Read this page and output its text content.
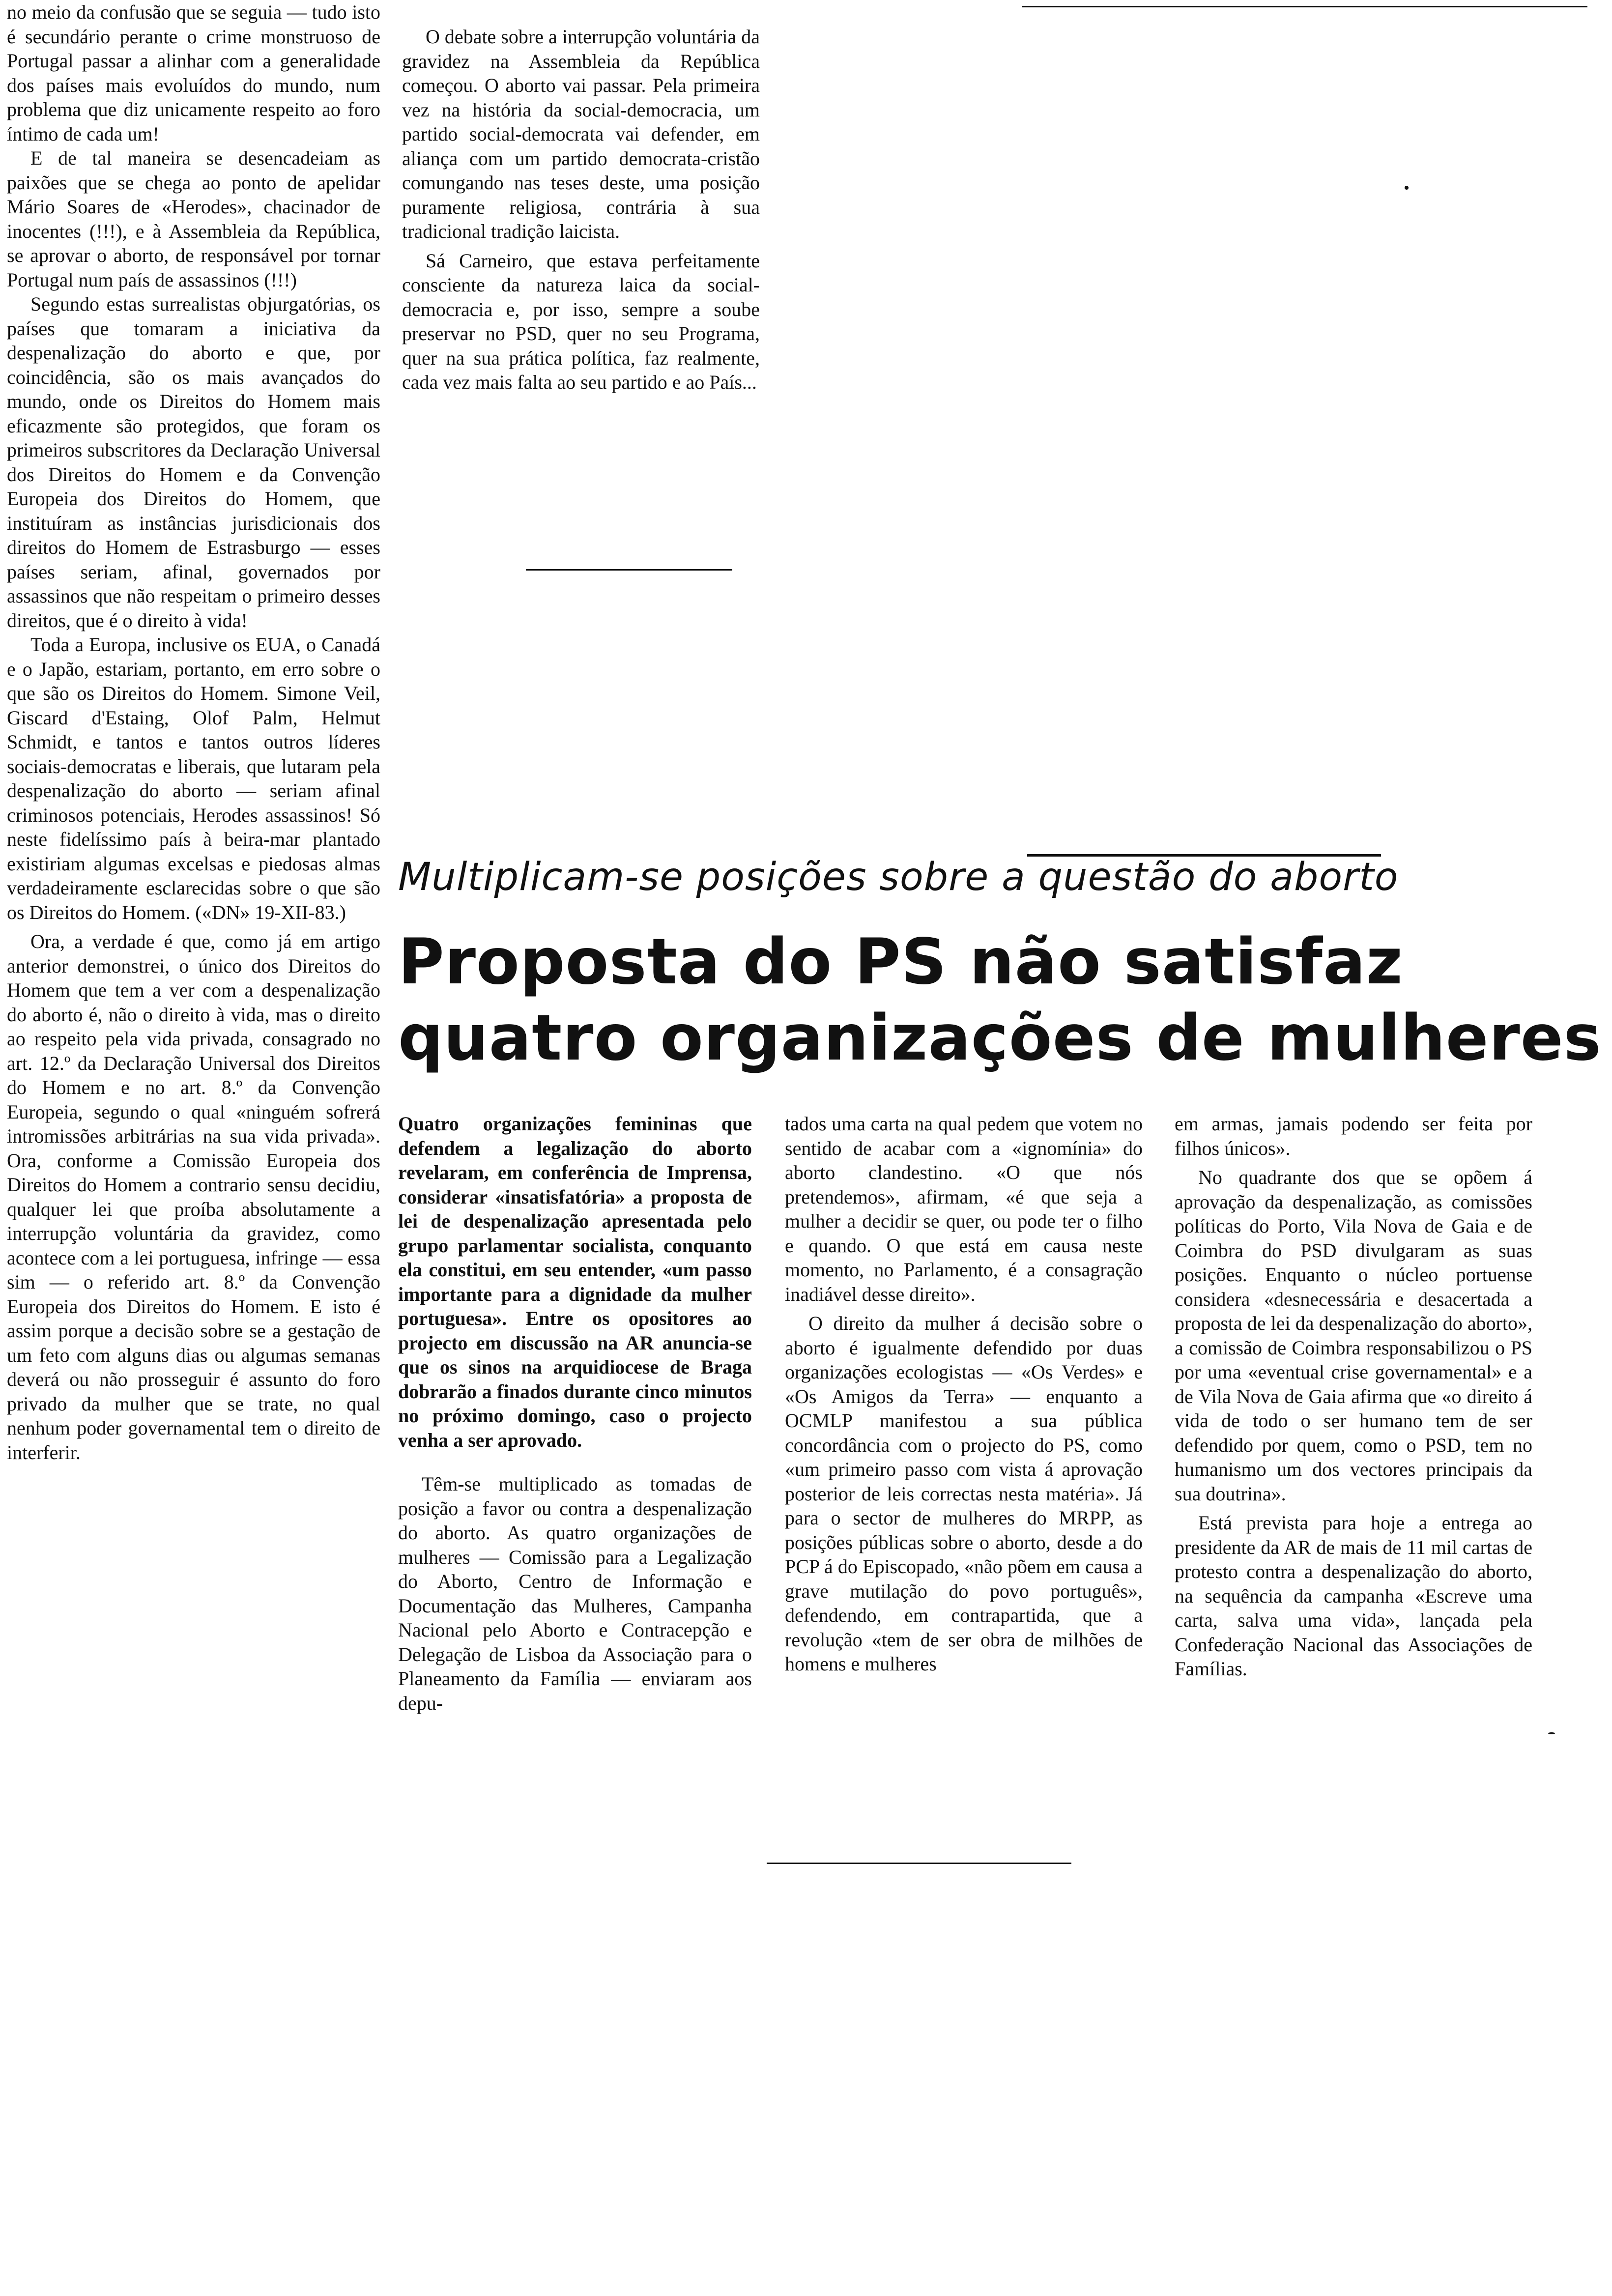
no meio da confusão que se seguia — tudo isto é secundário perante o crime monstruoso de Portugal passar a alinhar com a generalidade dos países mais evoluídos do mundo, num problema que diz unicamente respeito ao foro íntimo de cada um!

E de tal maneira se desencadeiam as paixões que se chega ao ponto de apelidar Mário Soares de «Herodes», chacinador de inocentes (!!!), e à Assembleia da República, se aprovar o aborto, de responsável por tornar Portugal num país de assassinos (!!!)

Segundo estas surrealistas objurgatórias, os países que tomaram a iniciativa da despenalização do aborto e que, por coincidência, são os mais avançados do mundo, onde os Direitos do Homem mais eficazmente são protegidos, que foram os primeiros subscritores da Declaração Universal dos Direitos do Homem e da Convenção Europeia dos Direitos do Homem, que instituíram as instâncias jurisdicionais dos direitos do Homem de Estrasburgo — esses países seriam, afinal, governados por assassinos que não respeitam o primeiro desses direitos, que é o direito à vida!

Toda a Europa, inclusive os EUA, o Canadá e o Japão, estariam, portanto, em erro sobre o que são os Direitos do Homem. Simone Veil, Giscard d'Estaing, Olof Palm, Helmut Schmidt, e tantos e tantos outros líderes sociais-democratas e liberais, que lutaram pela despenalização do aborto — seriam afinal criminosos potenciais, Herodes assassinos! Só neste fidelíssimo país à beira-mar plantado existiriam algumas excelsas e piedosas almas verdadeiramente esclarecidas sobre o que são os Direitos do Homem. («DN» 19-XII-83.)

Ora, a verdade é que, como já em artigo anterior demonstrei, o único dos Direitos do Homem que tem a ver com a despenalização do aborto é, não o direito à vida, mas o direito ao respeito pela vida privada, consagrado no art. 12.º da Declaração Universal dos Direitos do Homem e no art. 8.º da Convenção Europeia, segundo o qual «ninguém sofrerá intromissões arbitrárias na sua vida privada». Ora, conforme a Comissão Europeia dos Direitos do Homem a contrario sensu decidiu, qualquer lei que proíba absolutamente a interrupção voluntária da gravidez, como acontece com a lei portuguesa, infringe — essa sim — o referido art. 8.º da Convenção Europeia dos Direitos do Homem. E isto é assim porque a decisão sobre se a gestação de um feto com alguns dias ou algumas semanas deverá ou não prosseguir é assunto do foro privado da mulher que se trate, no qual nenhum poder governamental tem o direito de interferir.

O debate sobre a interrupção voluntária da gravidez na Assembleia da República começou. O aborto vai passar. Pela primeira vez na história da social-democracia, um partido social-democrata vai defender, em aliança com um partido democrata-cristão comungando nas teses deste, uma posição puramente religiosa, contrária à sua tradicional tradição laicista.

Sá Carneiro, que estava perfeitamente consciente da natureza laica da social-democracia e, por isso, sempre a soube preservar no PSD, quer no seu Programa, quer na sua prática política, faz realmente, cada vez mais falta ao seu partido e ao País...

Multiplicam-se posições sobre a questão do aborto
Proposta do PS não satisfaz
quatro organizações de mulheres

Quatro organizações femininas que defendem a legalização do aborto revelaram, em conferência de Imprensa, considerar «insatisfatória» a proposta de lei de despenalização apresentada pelo grupo parlamentar socialista, conquanto ela constitui, em seu entender, «um passo importante para a dignidade da mulher portuguesa». Entre os opositores ao projecto em discussão na AR anuncia-se que os sinos na arquidiocese de Braga dobrarão a finados durante cinco minutos no próximo domingo, caso o projecto venha a ser aprovado.

Têm-se multiplicado as tomadas de posição a favor ou contra a despenalização do aborto. As quatro organizações de mulheres — Comissão para a Legalização do Aborto, Centro de Informação e Documentação das Mulheres, Campanha Nacional pelo Aborto e Contracepção e Delegação de Lisboa da Associação para o Planeamento da Família — enviaram aos depu-

tados uma carta na qual pedem que votem no sentido de acabar com a «ignomínia» do aborto clandestino. «O que nós pretendemos», afirmam, «é que seja a mulher a decidir se quer, ou pode ter o filho e quando. O que está em causa neste momento, no Parlamento, é a consagração inadiável desse direito».

O direito da mulher á decisão sobre o aborto é igualmente defendido por duas organizações ecologistas — «Os Verdes» e «Os Amigos da Terra» — enquanto a OCMLP manifestou a sua pública concordância com o projecto do PS, como «um primeiro passo com vista á aprovação posterior de leis correctas nesta matéria». Já para o sector de mulheres do MRPP, as posições públicas sobre o aborto, desde a do PCP á do Episcopado, «não põem em causa a grave mutilação do povo português», defendendo, em contrapartida, que a revolução «tem de ser obra de milhões de homens e mulheres

em armas, jamais podendo ser feita por filhos únicos».

No quadrante dos que se opõem á aprovação da despenalização, as comissões políticas do Porto, Vila Nova de Gaia e de Coimbra do PSD divulgaram as suas posições. Enquanto o núcleo portuense considera «desnecessária e desacertada a proposta de lei da despenalização do aborto», a comissão de Coimbra responsabilizou o PS por uma «eventual crise governamental» e a de Vila Nova de Gaia afirma que «o direito á vida de todo o ser humano tem de ser defendido por quem, como o PSD, tem no humanismo um dos vectores principais da sua doutrina».

Está prevista para hoje a entrega ao presidente da AR de mais de 11 mil cartas de protesto contra a despenalização do aborto, na sequência da campanha «Escreve uma carta, salva uma vida», lançada pela Confederação Nacional das Associações de Famílias.
